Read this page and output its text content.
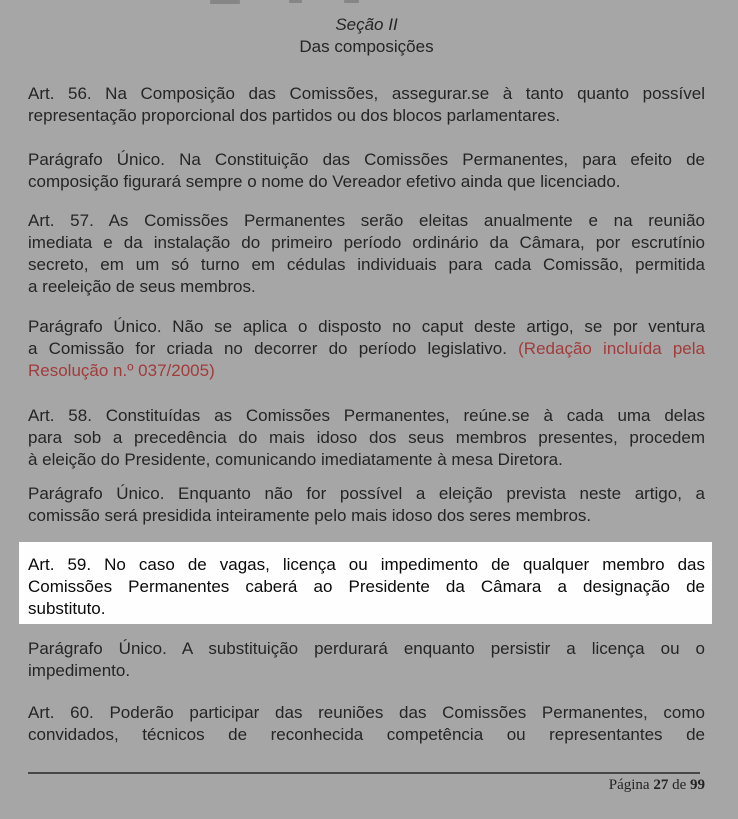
Seção II
Das composições
Art. 56. Na Composição das Comissões, assegurar.se à tanto quanto possível
representação proporcional dos partidos ou dos blocos parlamentares.
Parágrafo Único. Na Constituição das Comissões Permanentes, para efeito de
composição figurará sempre o nome do Vereador efetivo ainda que licenciado.
Art. 57. As Comissões Permanentes serão eleitas anualmente e na reunião
imediata e da instalação do primeiro período ordinário da Câmara, por escrutínio
secreto, em um só turno em cédulas individuais para cada Comissão, permitida
a reeleição de seus membros.
Parágrafo Único. Não se aplica o disposto no caput deste artigo, se por ventura
a Comissão for criada no decorrer do período legislativo. (Redação incluída pela
Resolução n.º 037/2005)
Art. 58. Constituídas as Comissões Permanentes, reúne.se à cada uma delas
para sob a precedência do mais idoso dos seus membros presentes, procedem
à eleição do Presidente, comunicando imediatamente à mesa Diretora.
Parágrafo Único. Enquanto não for possível a eleição prevista neste artigo, a
comissão será presidida inteiramente pelo mais idoso dos seres membros.
Art. 59. No caso de vagas, licença ou impedimento de qualquer membro das
Comissões Permanentes caberá ao Presidente da Câmara a designação de
substituto.
Parágrafo Único. A substituição perdurará enquanto persistir a licença ou o
impedimento.
Art. 60. Poderão participar das reuniões das Comissões Permanentes, como
convidados, técnicos de reconhecida competência ou representantes de
Página 27 de 99
